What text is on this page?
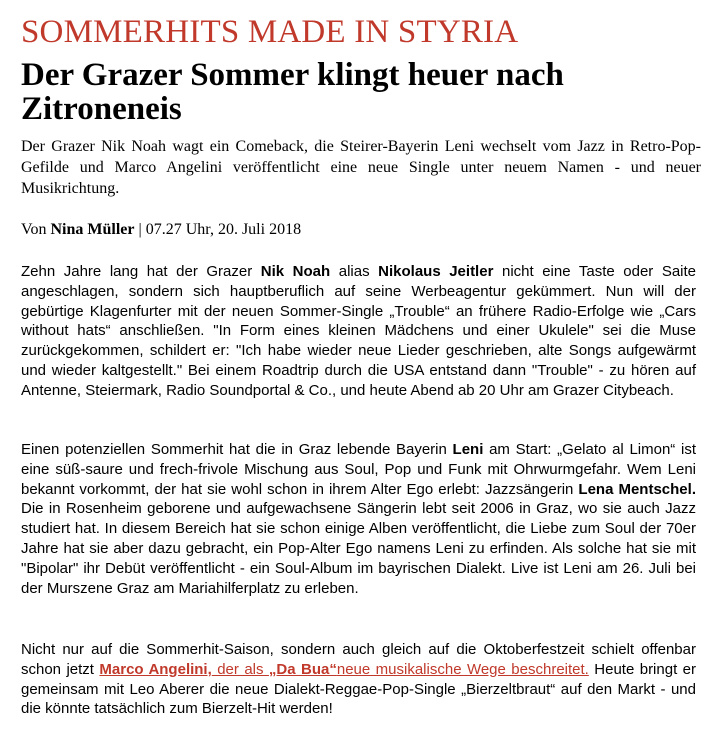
SOMMERHITS MADE IN STYRIA
Der Grazer Sommer klingt heuer nach Zitroneneis

Der Grazer Nik Noah wagt ein Comeback, die Steirer-Bayerin Leni wechselt vom Jazz in Retro-Pop-Gefilde und Marco Angelini veröffentlicht eine neue Single unter neuem Namen - und neuer Musikrichtung.

Von Nina Müller | 07.27 Uhr, 20. Juli 2018

Zehn Jahre lang hat der Grazer Nik Noah alias Nikolaus Jeitler nicht eine Taste oder Saite angeschlagen, sondern sich hauptberuflich auf seine Werbeagentur gekümmert. Nun will der gebürtige Klagenfurter mit der neuen Sommer-Single „Trouble“ an frühere Radio-Erfolge wie „Cars without hats“ anschließen. "In Form eines kleinen Mädchens und einer Ukulele" sei die Muse zurückgekommen, schildert er: "Ich habe wieder neue Lieder geschrieben, alte Songs aufgewärmt und wieder kaltgestellt." Bei einem Roadtrip durch die USA entstand dann "Trouble" - zu hören auf Antenne, Steiermark, Radio Soundportal & Co., und heute Abend ab 20 Uhr am Grazer Citybeach.

Einen potenziellen Sommerhit hat die in Graz lebende Bayerin Leni am Start: „Gelato al Limon“ ist eine süß-saure und frech-frivole Mischung aus Soul, Pop und Funk mit Ohrwurmgefahr. Wem Leni bekannt vorkommt, der hat sie wohl schon in ihrem Alter Ego erlebt: Jazzsängerin Lena Mentschel. Die in Rosenheim geborene und aufgewachsene Sängerin lebt seit 2006 in Graz, wo sie auch Jazz studiert hat. In diesem Bereich hat sie schon einige Alben veröffentlicht, die Liebe zum Soul der 70er Jahre hat sie aber dazu gebracht, ein Pop-Alter Ego namens Leni zu erfinden. Als solche hat sie mit "Bipolar" ihr Debüt veröffentlicht - ein Soul-Album im bayrischen Dialekt. Live ist Leni am 26. Juli bei der Murszene Graz am Mariahilferplatz zu erleben.

Nicht nur auf die Sommerhit-Saison, sondern auch gleich auf die Oktoberfestzeit schielt offenbar schon jetzt Marco Angelini, der als „Da Bua“neue musikalische Wege beschreitet. Heute bringt er gemeinsam mit Leo Aberer die neue Dialekt-Reggae-Pop-Single „Bierzeltbraut“ auf den Markt - und die könnte tatsächlich zum Bierzelt-Hit werden!
